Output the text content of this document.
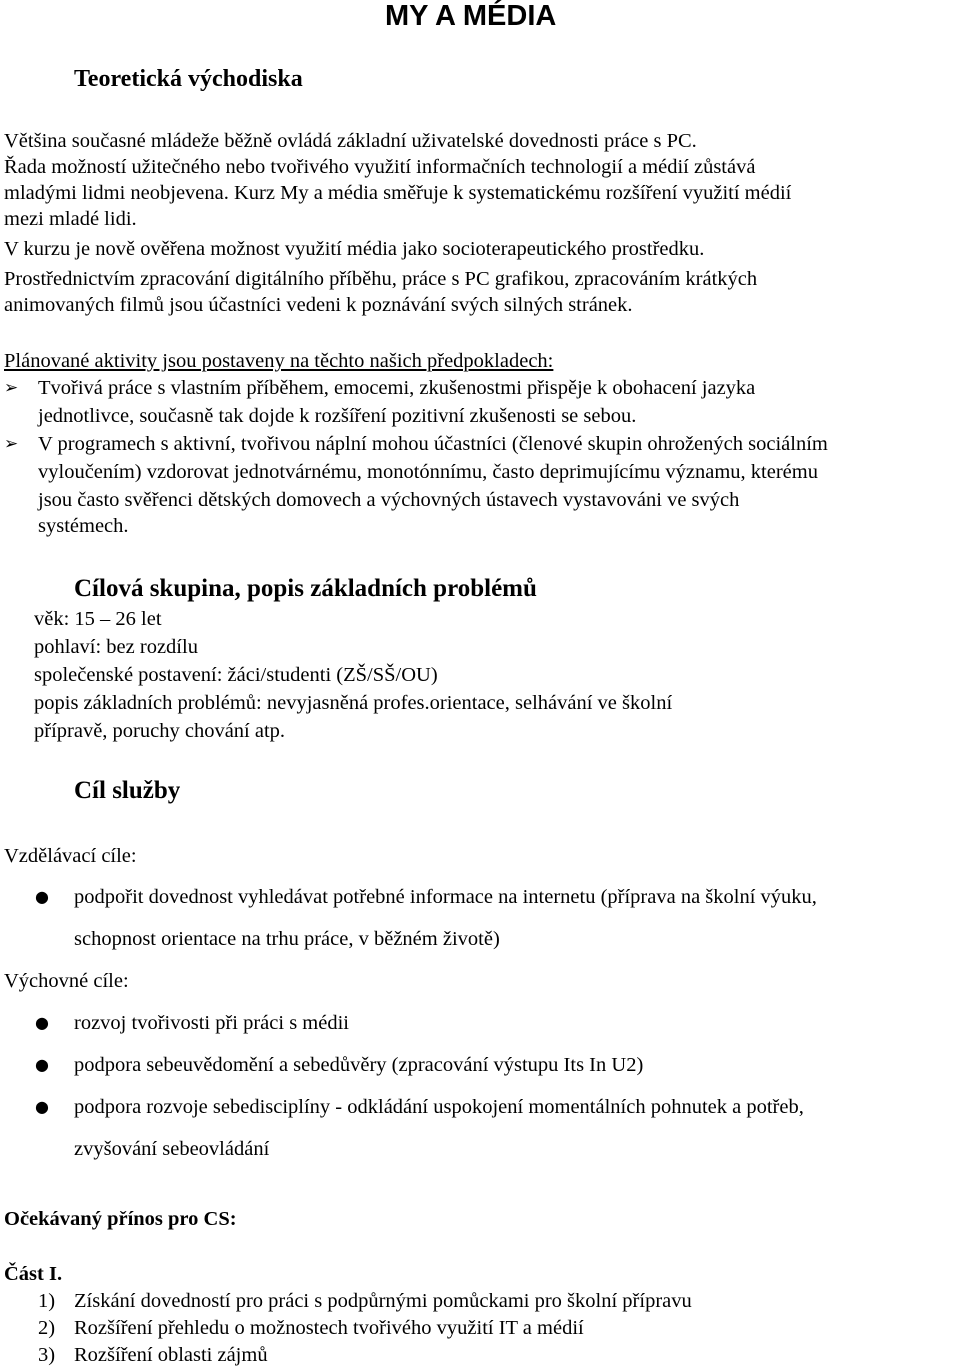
MY A MÉDIA
Teoretická východiska
Většina současné mládeže běžně ovládá základní uživatelské dovednosti práce s PC.
Řada možností užitečného nebo tvořivého využití informačních technologií a médií zůstává
mladými lidmi neobjevena. Kurz My a média směřuje k systematickému rozšíření využití médií
mezi mladé lidi.
V kurzu je nově ověřena možnost využití média jako socioterapeutického prostředku.
Prostřednictvím zpracování digitálního příběhu, práce s PC grafikou, zpracováním krátkých
animovaných filmů jsou účastníci vedeni k poznávání svých silných stránek.
Plánované aktivity jsou postaveny na těchto našich předpokladech:
➢ Tvořivá práce s vlastním příběhem, emocemi, zkušenostmi přispěje k obohacení jazyka
jednotlivce, současně tak dojde k rozšíření pozitivní zkušenosti se sebou.
➢ V programech s aktivní, tvořivou náplní mohou účastníci (členové skupin ohrožených sociálním
vyloučením) vzdorovat jednotvárnému, monotónnímu, často deprimujícímu významu, kterému
jsou často svěřenci dětských domovech a výchovných ústavech vystavováni ve svých
systémech.
Cílová skupina, popis základních problémů
věk: 15 – 26 let
pohlaví: bez rozdílu
společenské postavení: žáci/studenti (ZŠ/SŠ/OU)
popis základních problémů: nevyjasněná profes.orientace, selhávání ve školní
přípravě, poruchy chování atp.
Cíl služby
Vzdělávací cíle:
● podpořit dovednost vyhledávat potřebné informace na internetu (příprava na školní výuku,
schopnost orientace na trhu práce, v běžném životě)
Výchovné cíle:
● rozvoj tvořivosti při práci s médii
● podpora sebeuvědomění a sebedůvěry (zpracování výstupu Its In U2)
● podpora rozvoje sebedisciplíny - odkládání uspokojení momentálních pohnutek a potřeb,
zvyšování sebeovládání
Očekávaný přínos pro CS:
Část I.
1) Získání dovedností pro práci s podpůrnými pomůckami pro školní přípravu
2) Rozšíření přehledu o možnostech tvořivého využití IT a médií
3) Rozšíření oblasti zájmů
